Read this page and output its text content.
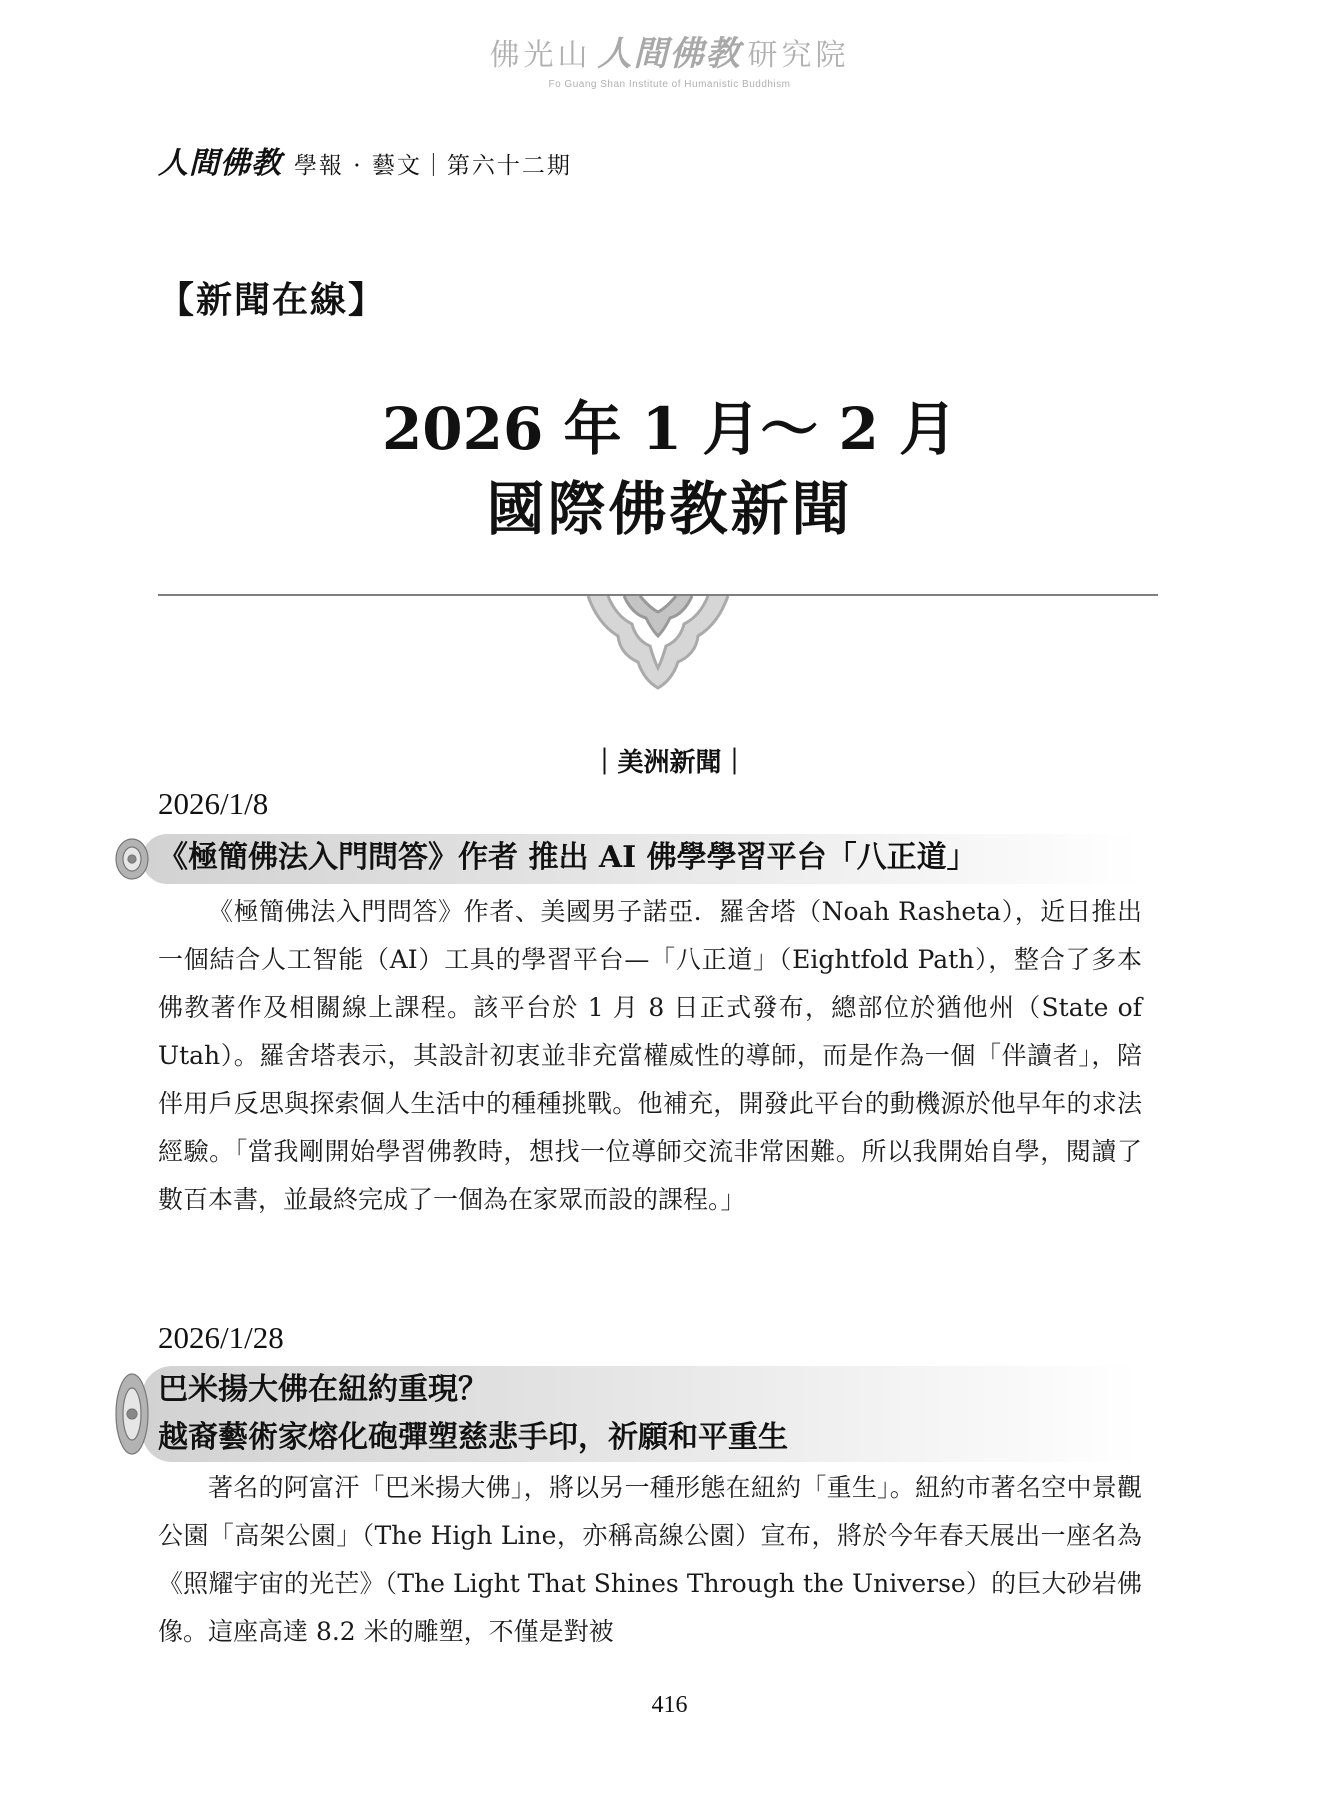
佛光山 人間佛教 研究院
Fo Guang Shan Institute of Humanistic Buddhism
人間佛教 學報 · 藝文｜第六十二期
【新聞在線】
2026 年 1 月～ 2 月
國際佛教新聞
｜美洲新聞｜
2026/1/8
《極簡佛法入門問答》作者 推出 AI 佛學學習平台「八正道」

《極簡佛法入門問答》作者、美國男子諾亞．羅舍塔（Noah Rasheta），近日推出一個結合人工智能（AI）工具的學習平台—「八正道」（Eightfold Path），整合了多本佛教著作及相關線上課程。該平台於 1 月 8 日正式發布，總部位於猶他州（State of Utah）。羅舍塔表示，其設計初衷並非充當權威性的導師，而是作為一個「伴讀者」，陪伴用戶反思與探索個人生活中的種種挑戰。他補充，開發此平台的動機源於他早年的求法經驗。「當我剛開始學習佛教時，想找一位導師交流非常困難。所以我開始自學，閱讀了數百本書，並最終完成了一個為在家眾而設的課程。」

2026/1/28
巴米揚大佛在紐約重現？
越裔藝術家熔化砲彈塑慈悲手印，祈願和平重生

著名的阿富汗「巴米揚大佛」，將以另一種形態在紐約「重生」。紐約市著名空中景觀公園「高架公園」（The High Line，亦稱高線公園）宣布，將於今年春天展出一座名為《照耀宇宙的光芒》（The Light That Shines Through the Universe）的巨大砂岩佛像。這座高達 8.2 米的雕塑，不僅是對被

416
